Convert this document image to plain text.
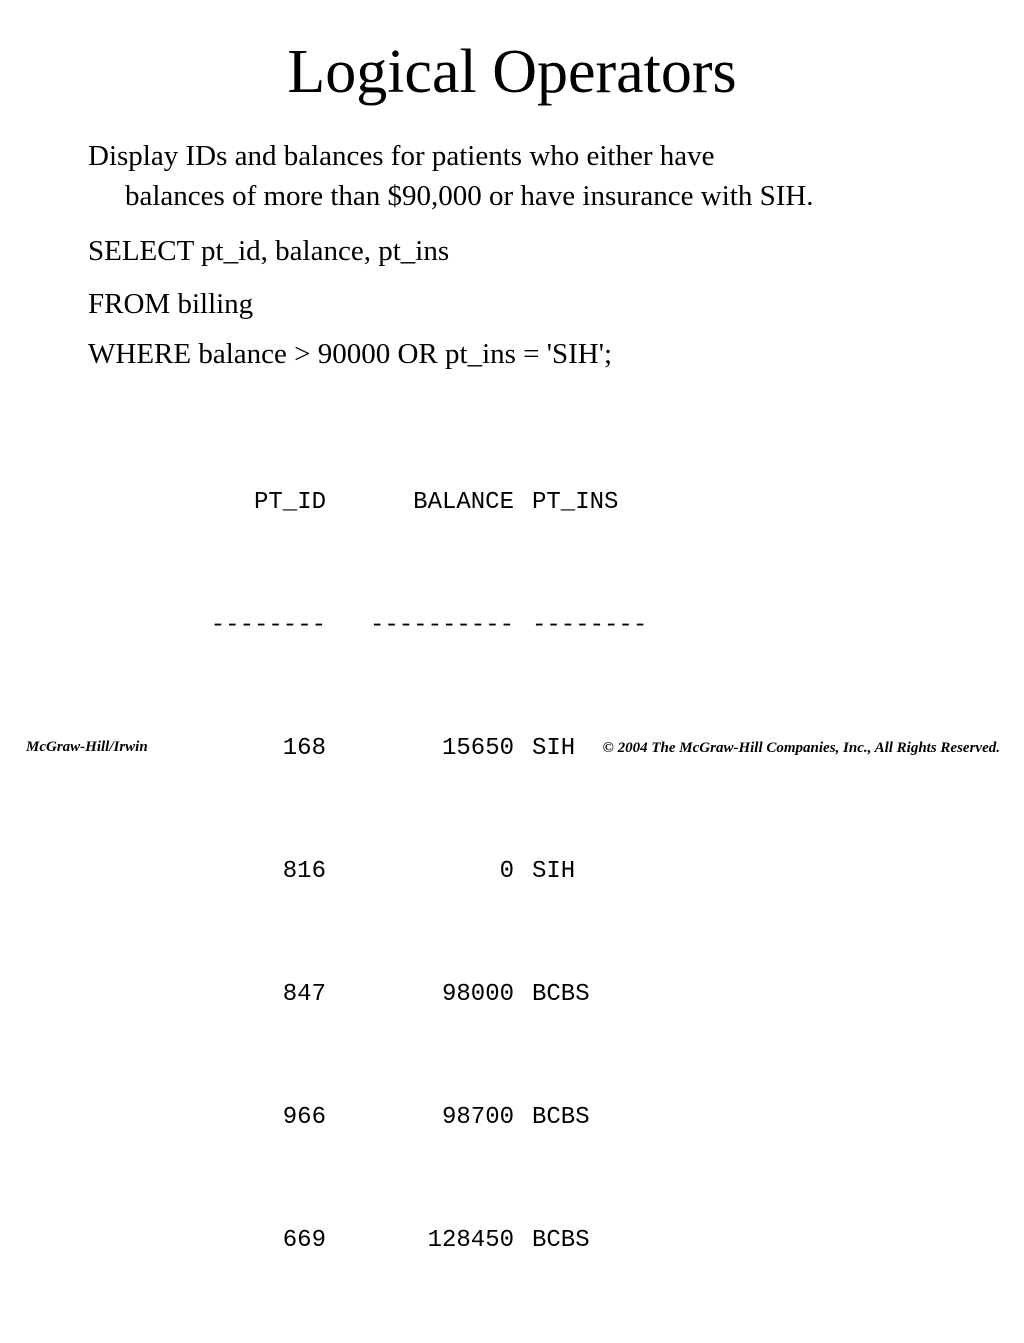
Logical Operators
Display IDs and balances for patients who either have
balances of more than $90,000 or have insurance with SIH.
SELECT pt_id, balance, pt_ins
FROM billing
WHERE balance > 90000 OR pt_ins = 'SIH';

PT_ID	BALANCE PT_INS

--------	---------- --------

168	15650 SIH

816	0 SIH

847	98000 BCBS

966	98700 BCBS

669	128450 BCBS

McGraw-Hill/Irwin	© 2004 The McGraw-Hill Companies, Inc., All Rights Reserved.
